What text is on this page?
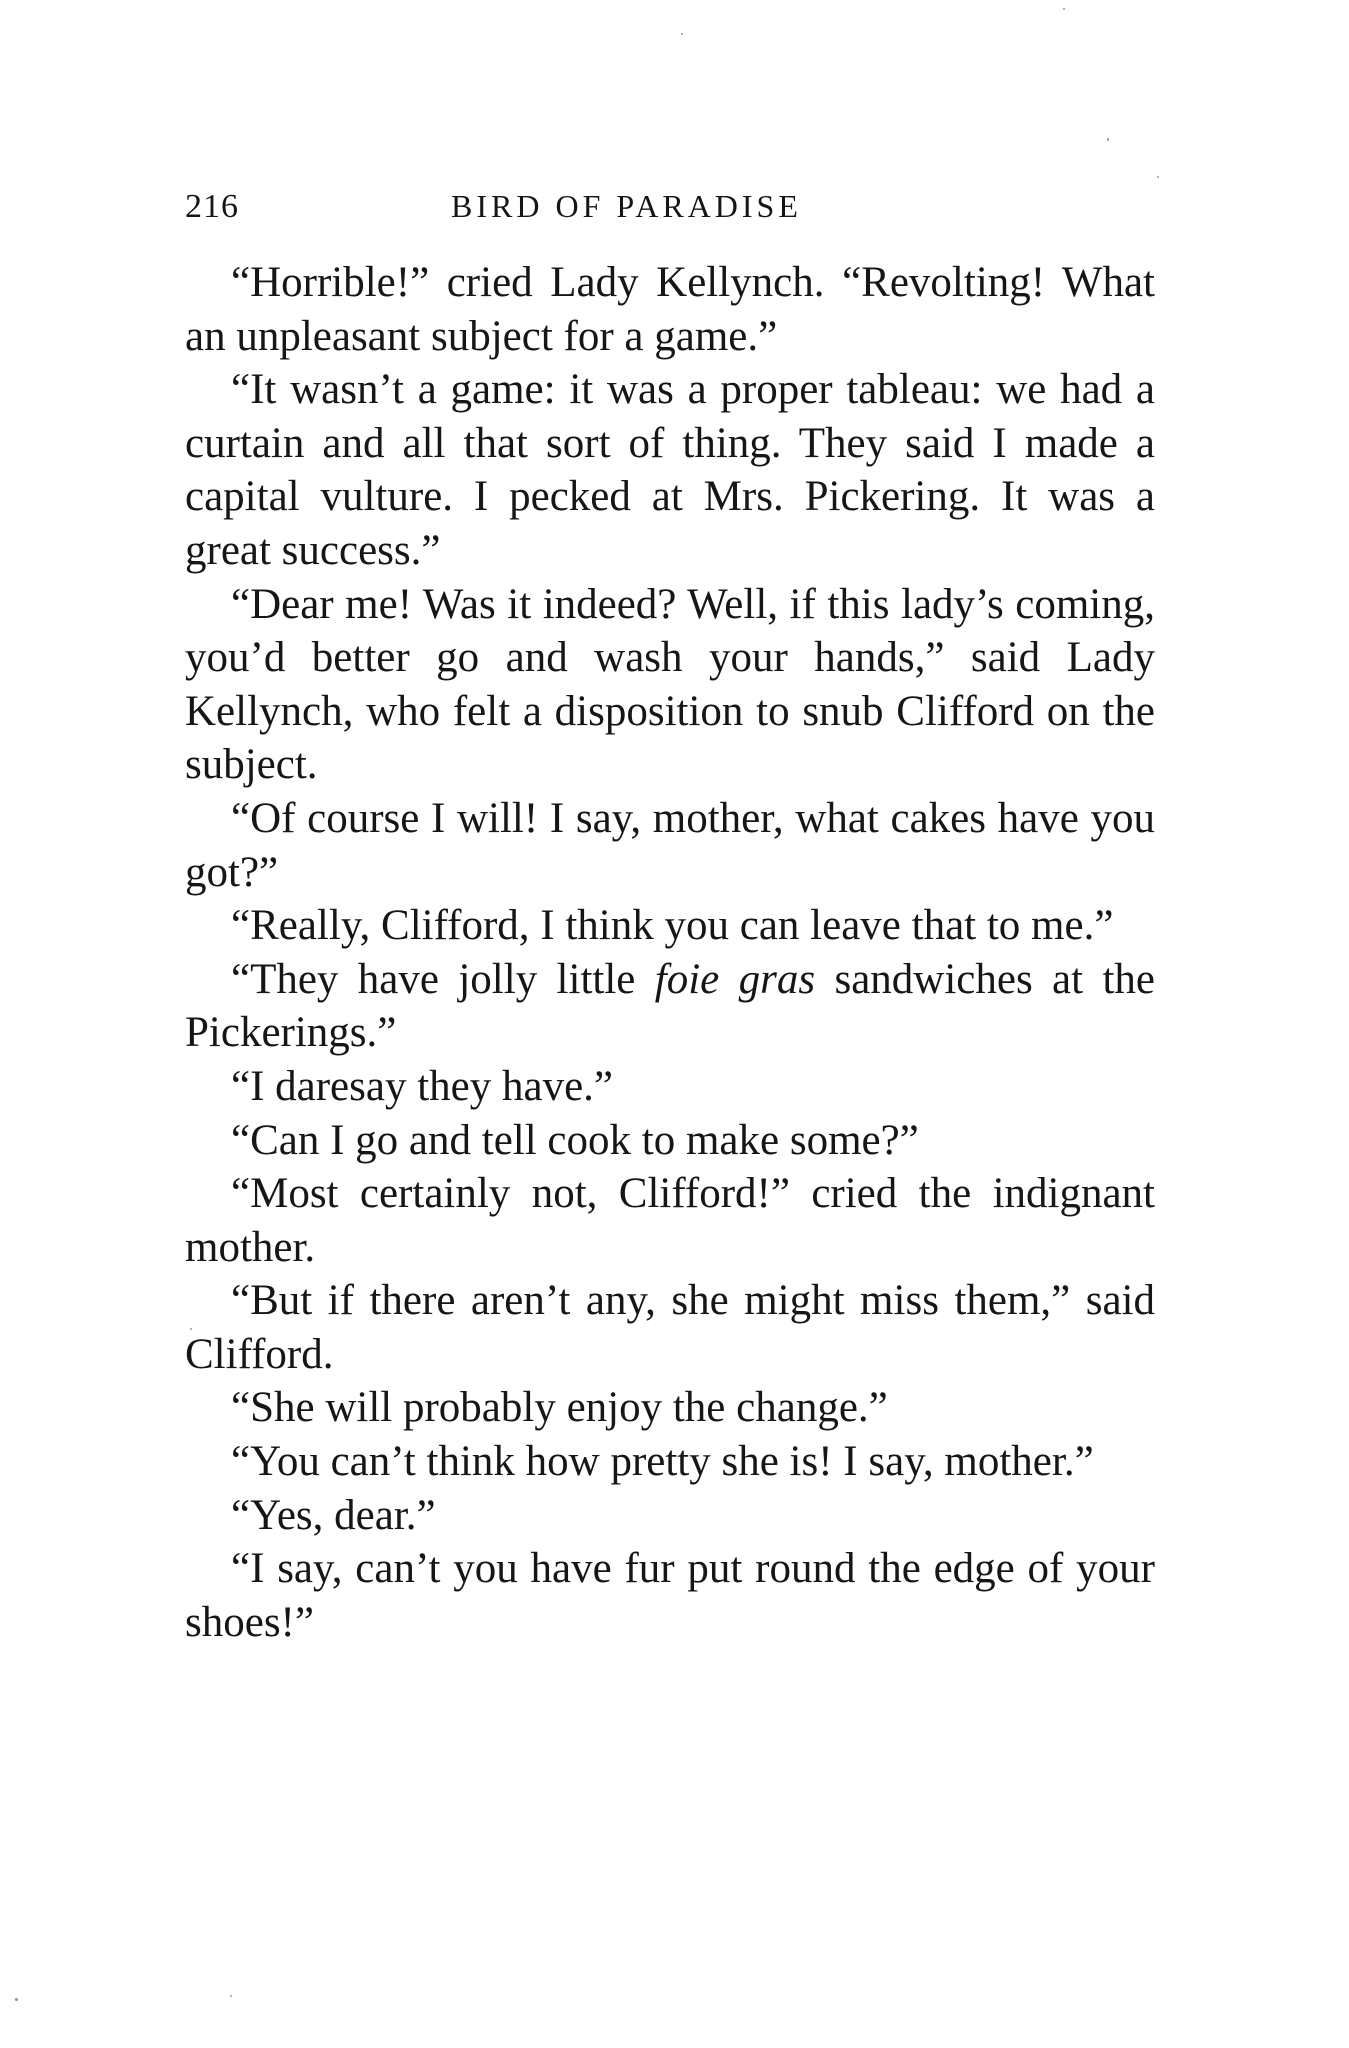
216	BIRD OF PARADISE

“Horrible!” cried Lady Kellynch. “Revolting! What an unpleasant subject for a game.”

“It wasn’t a game: it was a proper tableau: we had a curtain and all that sort of thing. They said I made a capital vulture. I pecked at Mrs. Pickering. It was a great success.”

“Dear me! Was it indeed? Well, if this lady’s coming, you’d better go and wash your hands,” said Lady Kellynch, who felt a disposition to snub Clifford on the subject.

“Of course I will! I say, mother, what cakes have you got?”

“Really, Clifford, I think you can leave that to me.”

“They have jolly little foie gras sandwiches at the Pickerings.”

“I daresay they have.”

“Can I go and tell cook to make some?”

“Most certainly not, Clifford!” cried the indignant mother.

“But if there aren’t any, she might miss them,” said Clifford.

“She will probably enjoy the change.”

“You can’t think how pretty she is! I say, mother.”

“Yes, dear.”

“I say, can’t you have fur put round the edge of your shoes!”
